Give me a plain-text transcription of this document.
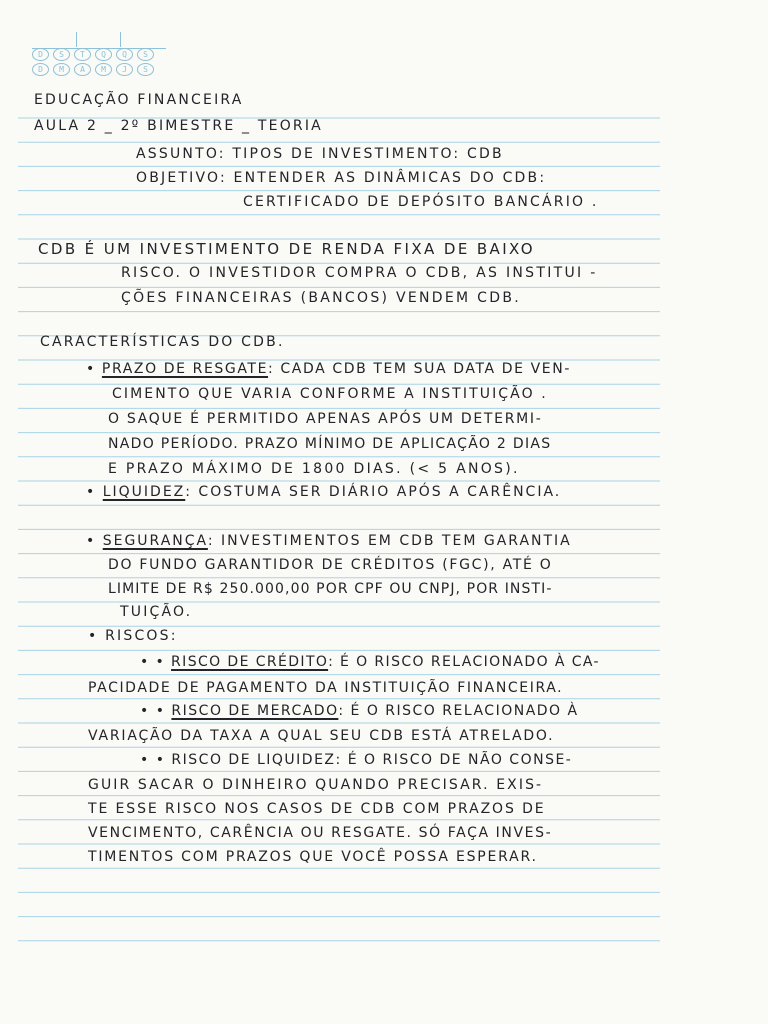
D	S	T	Q	Q	S
D	M	A	M	J	S
EDUCAÇÃO FINANCEIRA
AULA 2 _ 2º BIMESTRE _ TEORIA
ASSUNTO: TIPOS DE INVESTIMENTO: CDB
OBJETIVO: ENTENDER AS DINÂMICAS DO CDB:
CERTIFICADO DE DEPÓSITO BANCÁRIO .
CDB É UM INVESTIMENTO DE RENDA FIXA DE BAIXO
RISCO. O INVESTIDOR COMPRA O CDB, AS INSTITUI -
ÇÕES FINANCEIRAS (BANCOS) VENDEM CDB.
CARACTERÍSTICAS DO CDB.
• PRAZO DE RESGATE: CADA CDB TEM SUA DATA DE VEN-
CIMENTO QUE VARIA CONFORME A INSTITUIÇÃO .
O SAQUE É PERMITIDO APENAS APÓS UM DETERMI-
NADO PERÍODO. PRAZO MÍNIMO DE APLICAÇÃO 2 DIAS
E PRAZO MÁXIMO DE 1800 DIAS. (< 5 ANOS).
• LIQUIDEZ: COSTUMA SER DIÁRIO APÓS A CARÊNCIA.
• SEGURANÇA: INVESTIMENTOS EM CDB TEM GARANTIA
DO FUNDO GARANTIDOR DE CRÉDITOS (FGC), ATÉ O
LIMITE DE R$ 250.000,00 POR CPF OU CNPJ, POR INSTI-
TUIÇÃO.
• RISCOS:
• • RISCO DE CRÉDITO: É O RISCO RELACIONADO À CA-
PACIDADE DE PAGAMENTO DA INSTITUIÇÃO FINANCEIRA.
• • RISCO DE MERCADO: É O RISCO RELACIONADO À
VARIAÇÃO DA TAXA A QUAL SEU CDB ESTÁ ATRELADO.
• • RISCO DE LIQUIDEZ: É O RISCO DE NÃO CONSE-
GUIR SACAR O DINHEIRO QUANDO PRECISAR. EXIS-
TE ESSE RISCO NOS CASOS DE CDB COM PRAZOS DE
VENCIMENTO, CARÊNCIA OU RESGATE. SÓ FAÇA INVES-
TIMENTOS COM PRAZOS QUE VOCÊ POSSA ESPERAR.
